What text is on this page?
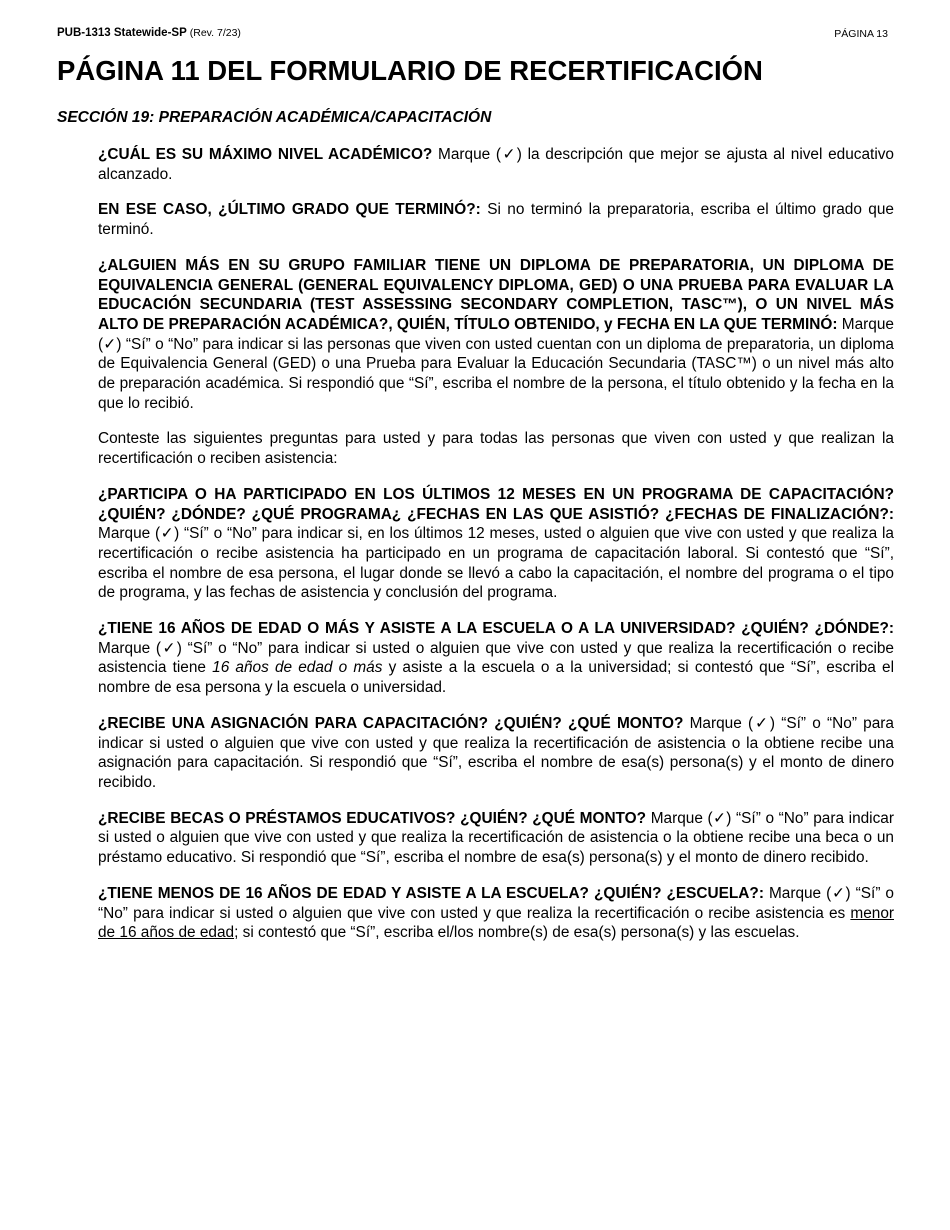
PUB-1313 Statewide-SP (Rev. 7/23)	PÁGINA 13
PÁGINA 11 DEL FORMULARIO DE RECERTIFICACIÓN
SECCIÓN 19: PREPARACIÓN ACADÉMICA/CAPACITACIÓN

¿CUÁL ES SU MÁXIMO NIVEL ACADÉMICO? Marque (✓) la descripción que mejor se ajusta al nivel educativo alcanzado.

EN ESE CASO, ¿ÚLTIMO GRADO QUE TERMINÓ?: Si no terminó la preparatoria, escriba el último grado que terminó.

¿ALGUIEN MÁS EN SU GRUPO FAMILIAR TIENE UN DIPLOMA DE PREPARATORIA, UN DIPLOMA DE EQUIVALENCIA GENERAL (GENERAL EQUIVALENCY DIPLOMA, GED) O UNA PRUEBA PARA EVALUAR LA EDUCACIÓN SECUNDARIA (TEST ASSESSING SECONDARY COMPLETION, TASC™), O UN NIVEL MÁS ALTO DE PREPARACIÓN ACADÉMICA?, QUIÉN, TÍTULO OBTENIDO, y FECHA EN LA QUE TERMINÓ: Marque (✓) “Sí” o “No” para indicar si las personas que viven con usted cuentan con un diploma de preparatoria, un diploma de Equivalencia General (GED) o una Prueba para Evaluar la Educación Secundaria (TASC™) o un nivel más alto de preparación académica. Si respondió que “Sí”, escriba el nombre de la persona, el título obtenido y la fecha en la que lo recibió.

Conteste las siguientes preguntas para usted y para todas las personas que viven con usted y que realizan la recertificación o reciben asistencia:

¿PARTICIPA O HA PARTICIPADO EN LOS ÚLTIMOS 12 MESES EN UN PROGRAMA DE CAPACITACIÓN? ¿QUIÉN? ¿DÓNDE? ¿QUÉ PROGRAMA¿ ¿FECHAS EN LAS QUE ASISTIÓ? ¿FECHAS DE FINALIZACIÓN?: Marque (✓) “Sí” o “No” para indicar si, en los últimos 12 meses, usted o alguien que vive con usted y que realiza la recertificación o recibe asistencia ha participado en un programa de capacitación laboral. Si contestó que “Sí”, escriba el nombre de esa persona, el lugar donde se llevó a cabo la capacitación, el nombre del programa o el tipo de programa, y las fechas de asistencia y conclusión del programa.

¿TIENE 16 AÑOS DE EDAD O MÁS Y ASISTE A LA ESCUELA O A LA UNIVERSIDAD? ¿QUIÉN? ¿DÓNDE?: Marque (✓) “Sí” o “No” para indicar si usted o alguien que vive con usted y que realiza la recertificación o recibe asistencia tiene 16 años de edad o más y asiste a la escuela o a la universidad; si contestó que “Sí”, escriba el nombre de esa persona y la escuela o universidad.

¿RECIBE UNA ASIGNACIÓN PARA CAPACITACIÓN? ¿QUIÉN? ¿QUÉ MONTO? Marque (✓) “Sí” o “No” para indicar si usted o alguien que vive con usted y que realiza la recertificación de asistencia o la obtiene recibe una asignación para capacitación. Si respondió que “Sí”, escriba el nombre de esa(s) persona(s) y el monto de dinero recibido.

¿RECIBE BECAS O PRÉSTAMOS EDUCATIVOS? ¿QUIÉN? ¿QUÉ MONTO? Marque (✓) “Sí” o “No” para indicar si usted o alguien que vive con usted y que realiza la recertificación de asistencia o la obtiene recibe una beca o un préstamo educativo. Si respondió que “Sí”, escriba el nombre de esa(s) persona(s) y el monto de dinero recibido.

¿TIENE MENOS DE 16 AÑOS DE EDAD Y ASISTE A LA ESCUELA? ¿QUIÉN? ¿ESCUELA?: Marque (✓) “Sí” o “No” para indicar si usted o alguien que vive con usted y que realiza la recertificación o recibe asistencia es menor de 16 años de edad; si contestó que “Sí”, escriba el/los nombre(s) de esa(s) persona(s) y las escuelas.
